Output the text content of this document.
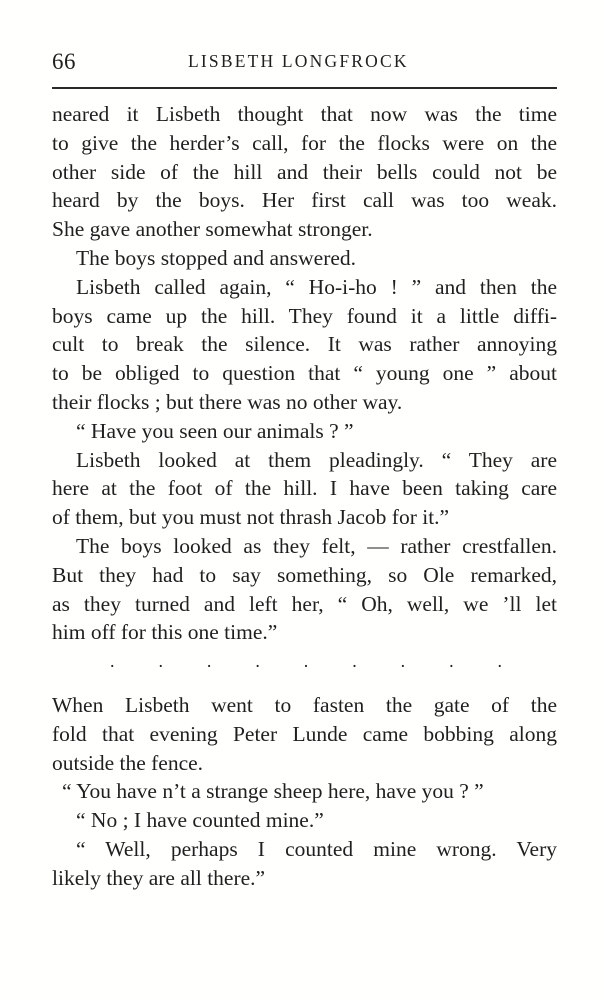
66	LISBETH LONGFROCK
neared it Lisbeth thought that now was the time
to give the herder’s call, for the flocks were on the
other side of the hill and their bells could not be
heard by the boys. Her first call was too weak.
She gave another somewhat stronger.
The boys stopped and answered.
Lisbeth called again, “ Ho-i-ho ! ” and then the
boys came up the hill. They found it a little diffi-
cult to break the silence. It was rather annoying
to be obliged to question that “ young one ” about
their flocks ; but there was no other way.
“ Have you seen our animals ? ”
Lisbeth looked at them pleadingly. “ They are
here at the foot of the hill. I have been taking care
of them, but you must not thrash Jacob for it.”
The boys looked as they felt, — rather crestfallen.
But they had to say something, so Ole remarked,
as they turned and left her, “ Oh, well, we ’ll let
him off for this one time.”
. . . . . . . . .
When Lisbeth went to fasten the gate of the
fold that evening Peter Lunde came bobbing along
outside the fence.
“ You have n’t a strange sheep here, have you ? ”
“ No ; I have counted mine.”
“ Well, perhaps I counted mine wrong. Very
likely they are all there.”
